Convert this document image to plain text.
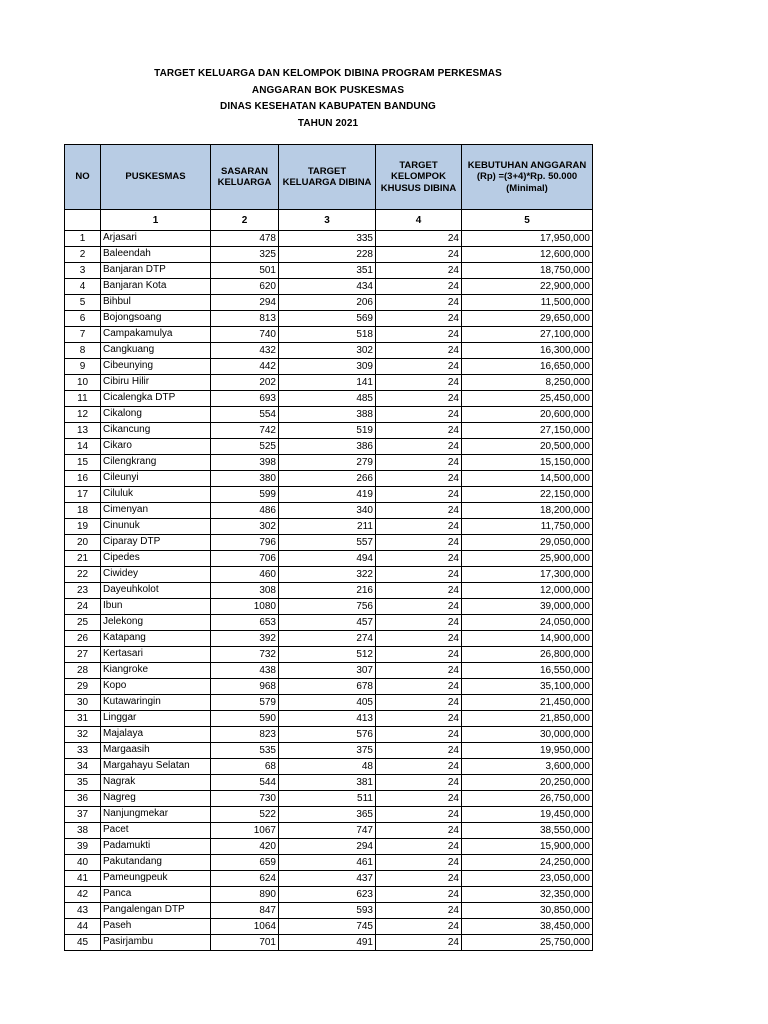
TARGET KELUARGA DAN KELOMPOK DIBINA PROGRAM PERKESMAS
ANGGARAN BOK PUSKESMAS
DINAS KESEHATAN KABUPATEN BANDUNG
TAHUN 2021
NO	PUSKESMAS	SASARAN KELUARGA	TARGET KELUARGA DIBINA	TARGET KELOMPOK KHUSUS DIBINA	KEBUTUHAN ANGGARAN (Rp) =(3+4)*Rp. 50.000 (Minimal)
	1	2	3	4	5
1	Arjasari	478	335	24	17,950,000
2	Baleendah	325	228	24	12,600,000
3	Banjaran DTP	501	351	24	18,750,000
4	Banjaran Kota	620	434	24	22,900,000
5	Bihbul	294	206	24	11,500,000
6	Bojongsoang	813	569	24	29,650,000
7	Campakamulya	740	518	24	27,100,000
8	Cangkuang	432	302	24	16,300,000
9	Cibeunying	442	309	24	16,650,000
10	Cibiru Hilir	202	141	24	8,250,000
11	Cicalengka DTP	693	485	24	25,450,000
12	Cikalong	554	388	24	20,600,000
13	Cikancung	742	519	24	27,150,000
14	Cikaro	525	386	24	20,500,000
15	Cilengkrang	398	279	24	15,150,000
16	Cileunyi	380	266	24	14,500,000
17	Ciluluk	599	419	24	22,150,000
18	Cimenyan	486	340	24	18,200,000
19	Cinunuk	302	211	24	11,750,000
20	Ciparay DTP	796	557	24	29,050,000
21	Cipedes	706	494	24	25,900,000
22	Ciwidey	460	322	24	17,300,000
23	Dayeuhkolot	308	216	24	12,000,000
24	Ibun	1080	756	24	39,000,000
25	Jelekong	653	457	24	24,050,000
26	Katapang	392	274	24	14,900,000
27	Kertasari	732	512	24	26,800,000
28	Kiangroke	438	307	24	16,550,000
29	Kopo	968	678	24	35,100,000
30	Kutawaringin	579	405	24	21,450,000
31	Linggar	590	413	24	21,850,000
32	Majalaya	823	576	24	30,000,000
33	Margaasih	535	375	24	19,950,000
34	Margahayu Selatan	68	48	24	3,600,000
35	Nagrak	544	381	24	20,250,000
36	Nagreg	730	511	24	26,750,000
37	Nanjungmekar	522	365	24	19,450,000
38	Pacet	1067	747	24	38,550,000
39	Padamukti	420	294	24	15,900,000
40	Pakutandang	659	461	24	24,250,000
41	Pameungpeuk	624	437	24	23,050,000
42	Panca	890	623	24	32,350,000
43	Pangalengan DTP	847	593	24	30,850,000
44	Paseh	1064	745	24	38,450,000
45	Pasirjambu	701	491	24	25,750,000
